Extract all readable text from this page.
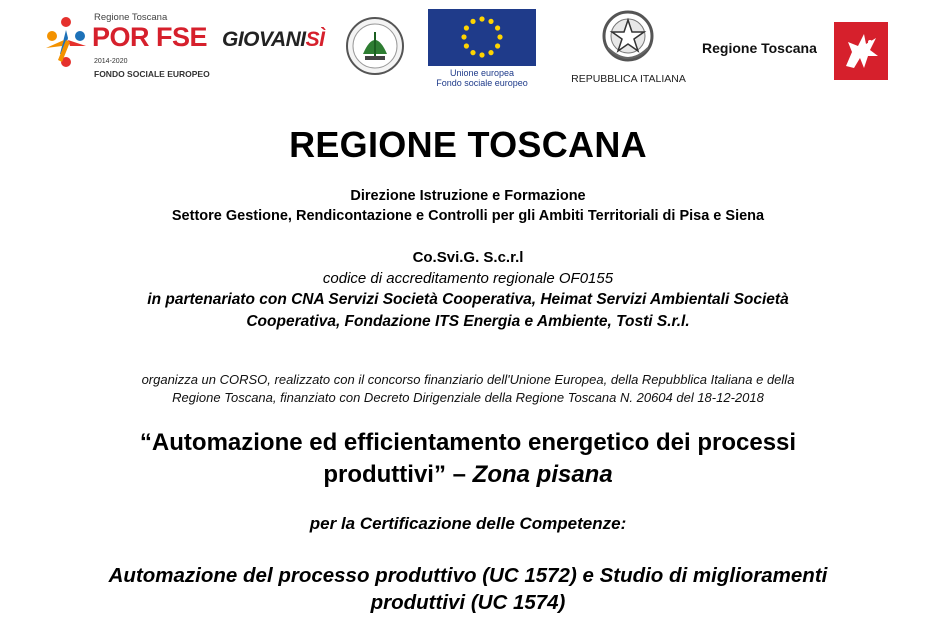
Regione Toscana
POR FSE
2014-2020
FONDO SOCIALE EUROPEO
GIOVANISÌ
Unione europea
Fondo sociale europeo	REPUBBLICA ITALIANA
Regione Toscana
REGIONE TOSCANA
Direzione Istruzione e Formazione
Settore Gestione, Rendicontazione e Controlli per gli Ambiti Territoriali di Pisa e Siena
Co.Svi.G. S.c.r.l
codice di accreditamento regionale OF0155
in partenariato con CNA Servizi Società Cooperativa, Heimat Servizi Ambientali Società
Cooperativa, Fondazione ITS Energia e Ambiente, Tosti S.r.l.
organizza un CORSO, realizzato con il concorso finanziario dell'Unione Europea, della Repubblica Italiana e della
Regione Toscana, finanziato con Decreto Dirigenziale della Regione Toscana N. 20604 del 18-12-2018
“Automazione ed efficientamento energetico dei processi
produttivi” – Zona pisana
per la Certificazione delle Competenze:
Automazione del processo produttivo (UC 1572) e Studio di miglioramenti
produttivi (UC 1574)
